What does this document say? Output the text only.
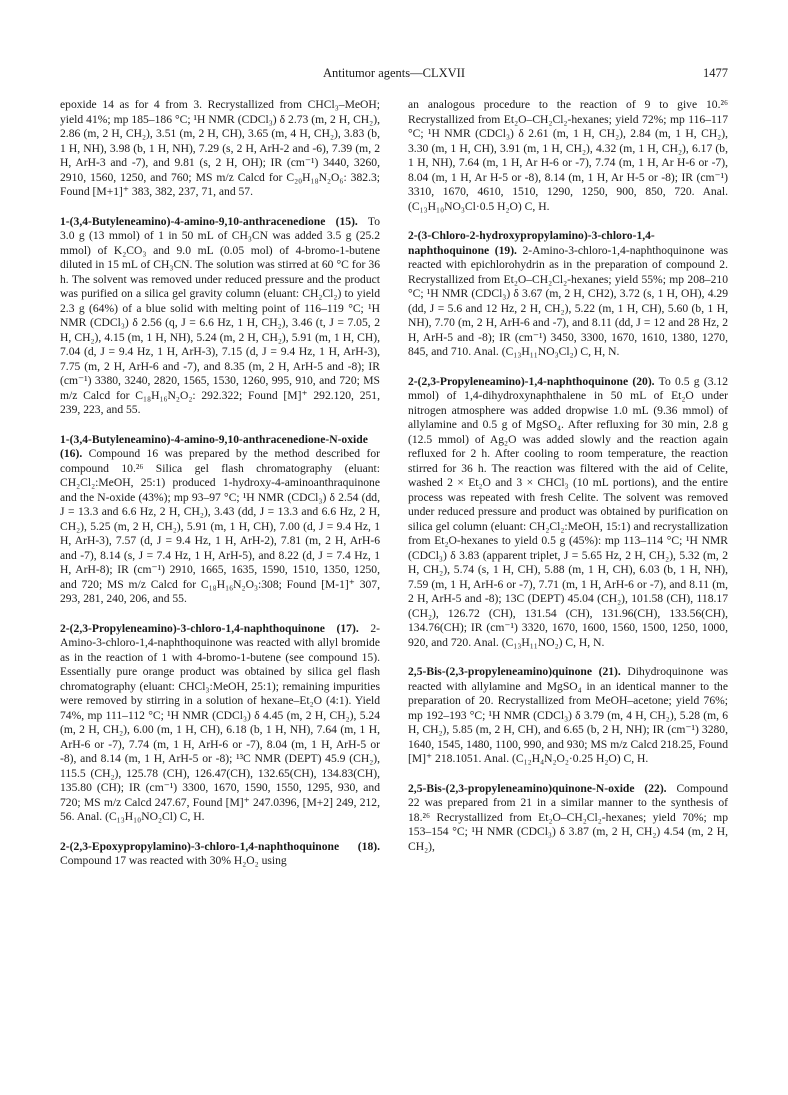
Antitumor agents—CLXVII	1477

epoxide 14 as for 4 from 3. Recrystallized from CHCl₃–MeOH; yield 41%; mp 185–186 °C; ¹H NMR (CDCl₃) δ 2.73 (m, 2 H, CH₂), 2.86 (m, 2 H, CH₂), 3.51 (m, 2 H, CH), 3.65 (m, 4 H, CH₂), 3.83 (b, 1 H, NH), 3.98 (b, 1 H, NH), 7.29 (s, 2 H, ArH-2 and -6), 7.39 (m, 2 H, ArH-3 and -7), and 9.81 (s, 2 H, OH); IR (cm⁻¹) 3440, 3260, 2910, 1560, 1250, and 760; MS m/z Calcd for C₂₀H₁₈N₂O₆: 382.3; Found [M+1]⁺ 383, 382, 237, 71, and 57.

1-(3,4-Butyleneamino)-4-amino-9,10-anthracenedione (15). To 3.0 g (13 mmol) of 1 in 50 mL of CH₃CN was added 3.5 g (25.2 mmol) of K₂CO₃ and 9.0 mL (0.05 mol) of 4-bromo-1-butene diluted in 15 mL of CH₃CN. The solution was stirred at 60 °C for 36 h. The solvent was removed under reduced pressure and the product was purified on a silica gel gravity column (eluant: CH₂Cl₂) to yield 2.3 g (64%) of a blue solid with melting point of 116–119 °C; ¹H NMR (CDCl₃) δ 2.56 (q, J = 6.6 Hz, 1 H, CH₂), 3.46 (t, J = 7.05, 2 H, CH₂), 4.15 (m, 1 H, NH), 5.24 (m, 2 H, CH₂), 5.91 (m, 1 H, CH), 7.04 (d, J = 9.4 Hz, 1 H, ArH-3), 7.15 (d, J = 9.4 Hz, 1 H, ArH-3), 7.75 (m, 2 H, ArH-6 and -7), and 8.35 (m, 2 H, ArH-5 and -8); IR (cm⁻¹) 3380, 3240, 2820, 1565, 1530, 1260, 995, 910, and 720; MS m/z Calcd for C₁₈H₁₆N₂O₂: 292.322; Found [M]⁺ 292.120, 251, 239, 223, and 55.

1-(3,4-Butyleneamino)-4-amino-9,10-anthracenedione-N-oxide (16). Compound 16 was prepared by the method described for compound 10.²⁶ Silica gel flash chromatography (eluant: CH₂Cl₂:MeOH, 25:1) produced 1-hydroxy-4-aminoanthraquinone and the N-oxide (43%); mp 93–97 °C; ¹H NMR (CDCl₃) δ 2.54 (dd, J = 13.3 and 6.6 Hz, 2 H, CH₂), 3.43 (dd, J = 13.3 and 6.6 Hz, 2 H, CH₂), 5.25 (m, 2 H, CH₂), 5.91 (m, 1 H, CH), 7.00 (d, J = 9.4 Hz, 1 H, ArH-3), 7.57 (d, J = 9.4 Hz, 1 H, ArH-2), 7.81 (m, 2 H, ArH-6 and -7), 8.14 (s, J = 7.4 Hz, 1 H, ArH-5), and 8.22 (d, J = 7.4 Hz, 1 H, ArH-8); IR (cm⁻¹) 2910, 1665, 1635, 1590, 1510, 1350, 1250, and 720; MS m/z Calcd for C₁₈H₁₆N₂O₃:308; Found [M-1]⁺ 307, 293, 281, 240, 206, and 55.

2-(2,3-Propyleneamino)-3-chloro-1,4-naphthoquinone (17). 2-Amino-3-chloro-1,4-naphthoquinone was reacted with allyl bromide as in the reaction of 1 with 4-bromo-1-butene (see compound 15). Essentially pure orange product was obtained by silica gel flash chromatography (eluant: CHCl₃:MeOH, 25:1); remaining impurities were removed by stirring in a solution of hexane–Et₂O (4:1). Yield 74%, mp 111–112 °C; ¹H NMR (CDCl₃) δ 4.45 (m, 2 H, CH₂), 5.24 (m, 2 H, CH₂), 6.00 (m, 1 H, CH), 6.18 (b, 1 H, NH), 7.64 (m, 1 H, ArH-6 or -7), 7.74 (m, 1 H, ArH-6 or -7), 8.04 (m, 1 H, ArH-5 or -8), and 8.14 (m, 1 H, ArH-5 or -8); ¹³C NMR (DEPT) 45.9 (CH₂), 115.5 (CH₂), 125.78 (CH), 126.47(CH), 132.65(CH), 134.83(CH), 135.80 (CH); IR (cm⁻¹) 3300, 1670, 1590, 1550, 1295, 930, and 720; MS m/z Calcd 247.67, Found [M]⁺ 247.0396, [M+2] 249, 212, 56. Anal. (C₁₃H₁₀NO₂Cl) C, H.

2-(2,3-Epoxypropylamino)-3-chloro-1,4-naphthoquinone (18). Compound 17 was reacted with 30% H₂O₂ using

an analogous procedure to the reaction of 9 to give 10.²⁶ Recrystallized from Et₂O–CH₂Cl₂-hexanes; yield 72%; mp 116–117 °C; ¹H NMR (CDCl₃) δ 2.61 (m, 1 H, CH₂), 2.84 (m, 1 H, CH₂), 3.30 (m, 1 H, CH), 3.91 (m, 1 H, CH₂), 4.32 (m, 1 H, CH₂), 6.17 (b, 1 H, NH), 7.64 (m, 1 H, Ar H-6 or -7), 7.74 (m, 1 H, Ar H-6 or -7), 8.04 (m, 1 H, Ar H-5 or -8), 8.14 (m, 1 H, Ar H-5 or -8); IR (cm⁻¹) 3310, 1670, 4610, 1510, 1290, 1250, 900, 850, 720. Anal. (C₁₃H₁₀NO₃Cl·0.5 H₂O) C, H.

2-(3-Chloro-2-hydroxypropylamino)-3-chloro-1,4-naphthoquinone (19). 2-Amino-3-chloro-1,4-naphthoquinone was reacted with epichlorohydrin as in the preparation of compound 2. Recrystallized from Et₂O–CH₂Cl₂-hexanes; yield 55%; mp 208–210 °C; ¹H NMR (CDCl₃) δ 3.67 (m, 2 H, CH2), 3.72 (s, 1 H, OH), 4.29 (dd, J = 5.6 and 12 Hz, 2 H, CH₂), 5.22 (m, 1 H, CH), 5.60 (b, 1 H, NH), 7.70 (m, 2 H, ArH-6 and -7), and 8.11 (dd, J = 12 and 28 Hz, 2 H, ArH-5 and -8); IR (cm⁻¹) 3450, 3300, 1670, 1610, 1380, 1270, 845, and 710. Anal. (C₁₃H₁₁NO₃Cl₂) C, H, N.

2-(2,3-Propyleneamino)-1,4-naphthoquinone (20). To 0.5 g (3.12 mmol) of 1,4-dihydroxynaphthalene in 50 mL of Et₂O under nitrogen atmosphere was added dropwise 1.0 mL (9.36 mmol) of allylamine and 0.5 g of MgSO₄. After refluxing for 30 min, 2.8 g (12.5 mmol) of Ag₂O was added slowly and the reaction again refluxed for 2 h. After cooling to room temperature, the reaction stirred for 36 h. The reaction was filtered with the aid of Celite, washed 2 × Et₂O and 3 × CHCl₃ (10 mL portions), and the entire process was repeated with fresh Celite. The solvent was removed under reduced pressure and product was obtained by purification on silica gel column (eluant: CH₂Cl₂:MeOH, 15:1) and recrystallization from Et₂O-hexanes to yield 0.5 g (45%): mp 113–114 °C; ¹H NMR (CDCl₃) δ 3.83 (apparent triplet, J = 5.65 Hz, 2 H, CH₂), 5.32 (m, 2 H, CH₂), 5.74 (s, 1 H, CH), 5.88 (m, 1 H, CH), 6.03 (b, 1 H, NH), 7.59 (m, 1 H, ArH-6 or -7), 7.71 (m, 1 H, ArH-6 or -7), and 8.11 (m, 2 H, ArH-5 and -8); 13C (DEPT) 45.04 (CH₂), 101.58 (CH), 118.17 (CH₂), 126.72 (CH), 131.54 (CH), 131.96(CH), 133.56(CH), 134.76(CH); IR (cm⁻¹) 3320, 1670, 1600, 1560, 1500, 1250, 1000, 920, and 720. Anal. (C₁₃H₁₁NO₂) C, H, N.

2,5-Bis-(2,3-propyleneamino)quinone (21). Dihydroquinone was reacted with allylamine and MgSO₄ in an identical manner to the preparation of 20. Recrystallized from MeOH–acetone; yield 76%; mp 192–193 °C; ¹H NMR (CDCl₃) δ 3.79 (m, 4 H, CH₂), 5.28 (m, 6 H, CH₂), 5.85 (m, 2 H, CH), and 6.65 (b, 2 H, NH); IR (cm⁻¹) 3280, 1640, 1545, 1480, 1100, 990, and 930; MS m/z Calcd 218.25, Found [M]⁺ 218.1051. Anal. (C₁₂H₄N₂O₂·0.25 H₂O) C, H.

2,5-Bis-(2,3-propyleneamino)quinone-N-oxide (22). Compound 22 was prepared from 21 in a similar manner to the synthesis of 18.²⁶ Recrystallized from Et₂O–CH₂Cl₂-hexanes; yield 70%; mp 153–154 °C; ¹H NMR (CDCl₃) δ 3.87 (m, 2 H, CH₂) 4.54 (m, 2 H, CH₂),
